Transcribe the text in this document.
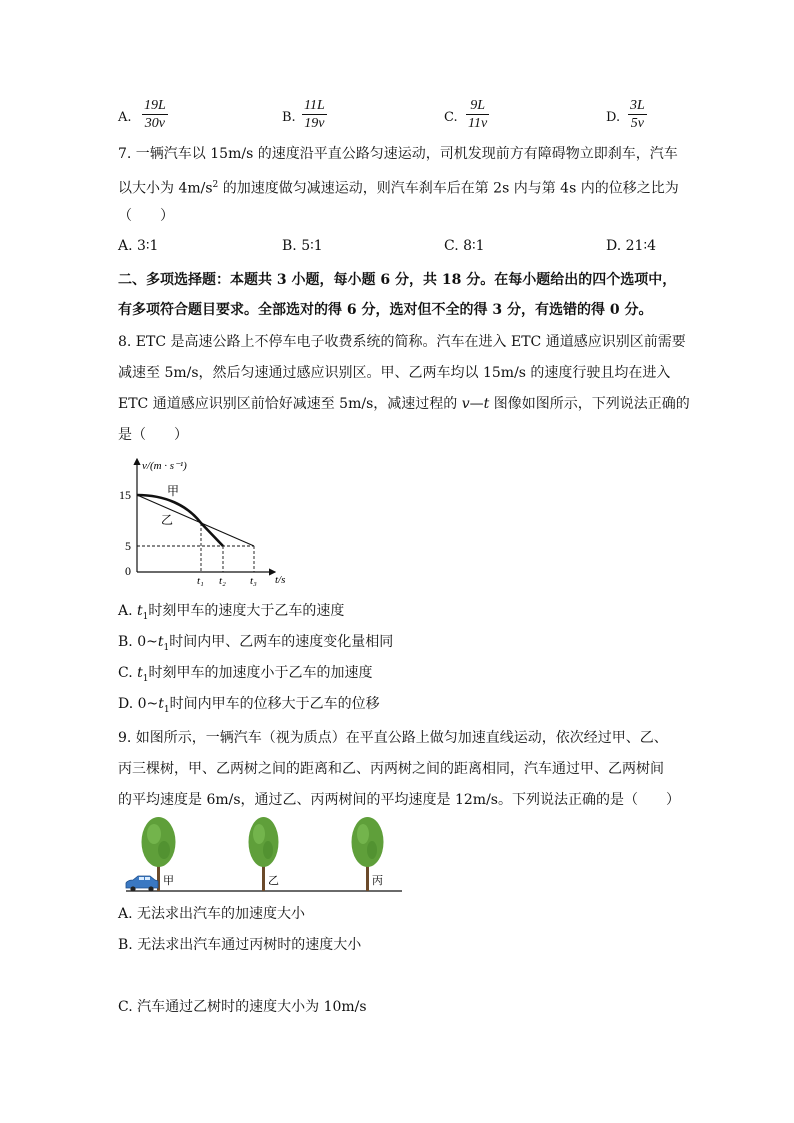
A.
19L
30v	B.
11L
19v	C.
9L
11v	D.
3L
5v
7. 一辆汽车以 15m/s 的速度沿平直公路匀速运动，司机发现前方有障碍物立即刹车，汽车
以大小为 $4m/s^2$ 的加速度做匀减速运动，则汽车刹车后在第 2s 内与第 4s 内的位移之比为
（　　）
A. 3∶1	B. 5∶1	C. 8∶1	D. 21∶4
二、多项选择题：本题共 3 小题，每小题 6 分，共 18 分。在每小题给出的四个选项中，
有多项符合题目要求。全部选对的得 6 分，选对但不全的得 3 分，有选错的得 0 分。
8. ETC 是高速公路上不停车电子收费系统的简称。汽车在进入 ETC 通道感应识别区前需要
减速至 5m/s，然后匀速通过感应识别区。甲、乙两车均以 15m/s 的速度行驶且均在进入
ETC 通道感应识别区前恰好减速至 5m/s，减速过程的 v—t 图像如图所示，下列说法正确的
是（　　）
v/(m · s⁻¹)
t/s
15
5
0
甲
乙
t₁ t₂ t₃
A. $t_1$时刻甲车的速度大于乙车的速度
B. $0\sim t_1$时间内甲、乙两车的速度变化量相同
C. $t_1$时刻甲车的加速度小于乙车的加速度
D. $0\sim t_1$时间内甲车的位移大于乙车的位移
9. 如图所示，一辆汽车（视为质点）在平直公路上做匀加速直线运动，依次经过甲、乙、
丙三棵树，甲、乙两树之间的距离和乙、丙两树之间的距离相同，汽车通过甲、乙两树间
的平均速度是 6m/s，通过乙、丙两树间的平均速度是 12m/s。下列说法正确的是（　　）
甲	乙	丙
A. 无法求出汽车的加速度大小
B. 无法求出汽车通过丙树时的速度大小
C. 汽车通过乙树时的速度大小为 10m/s
